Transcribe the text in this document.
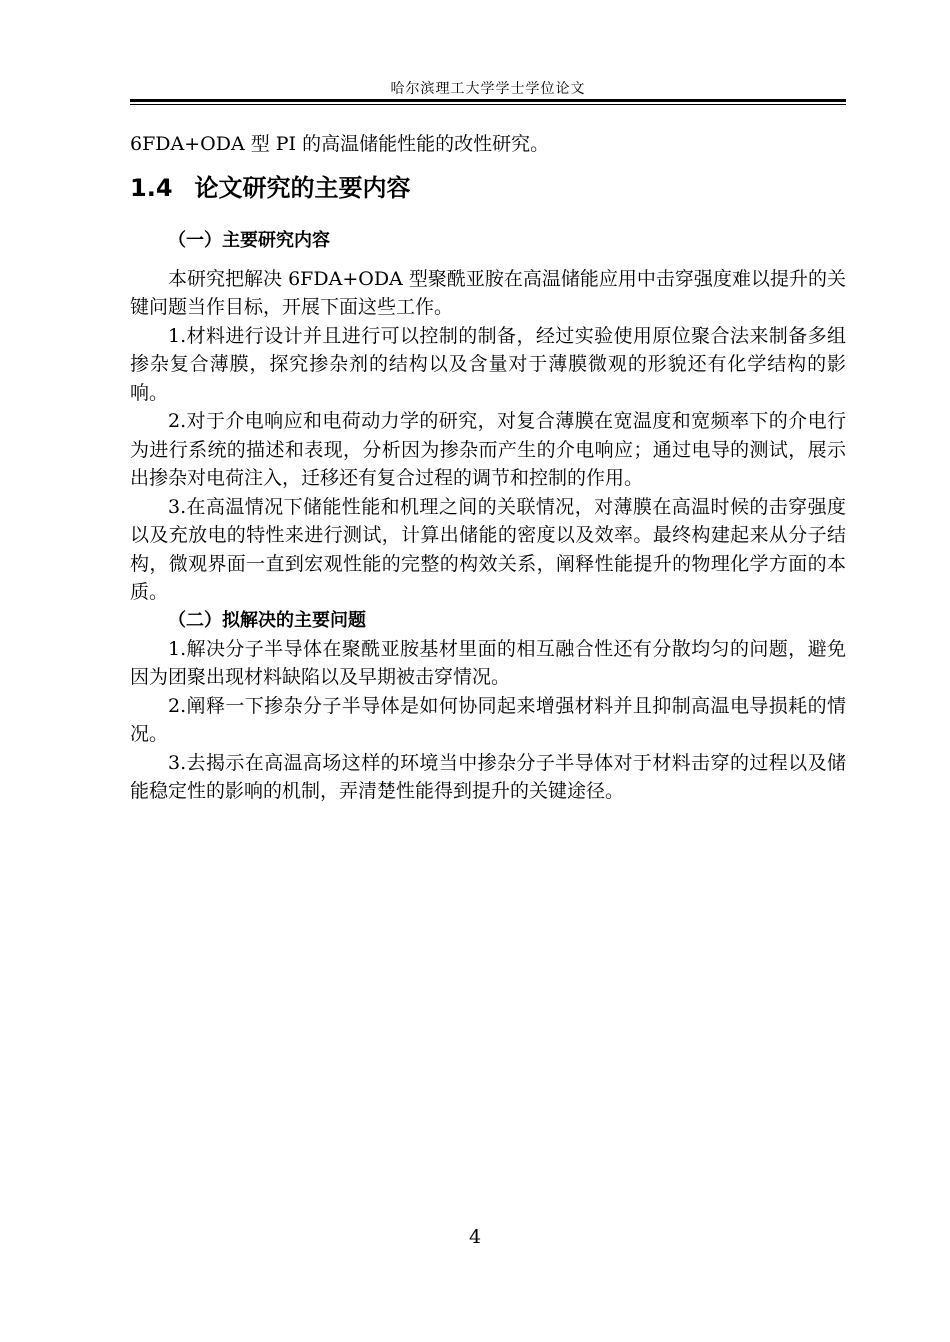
哈尔滨理工大学学士学位论文

6FDA+ODA 型 PI 的高温储能性能的改性研究。

1.4 论文研究的主要内容
（一）主要研究内容

本研究把解决 6FDA+ODA 型聚酰亚胺在高温储能应用中击穿强度难以提升的关键问题当作目标，开展下面这些工作。

1.材料进行设计并且进行可以控制的制备，经过实验使用原位聚合法来制备多组掺杂复合薄膜，探究掺杂剂的结构以及含量对于薄膜微观的形貌还有化学结构的影响。

2.对于介电响应和电荷动力学的研究，对复合薄膜在宽温度和宽频率下的介电行为进行系统的描述和表现，分析因为掺杂而产生的介电响应；通过电导的测试，展示出掺杂对电荷注入，迁移还有复合过程的调节和控制的作用。

3.在高温情况下储能性能和机理之间的关联情况，对薄膜在高温时候的击穿强度以及充放电的特性来进行测试，计算出储能的密度以及效率。最终构建起来从分子结构，微观界面一直到宏观性能的完整的构效关系，阐释性能提升的物理化学方面的本质。

（二）拟解决的主要问题

1.解决分子半导体在聚酰亚胺基材里面的相互融合性还有分散均匀的问题，避免因为团聚出现材料缺陷以及早期被击穿情况。

2.阐释一下掺杂分子半导体是如何协同起来增强材料并且抑制高温电导损耗的情况。

3.去揭示在高温高场这样的环境当中掺杂分子半导体对于材料击穿的过程以及储能稳定性的影响的机制，弄清楚性能得到提升的关键途径。

4
